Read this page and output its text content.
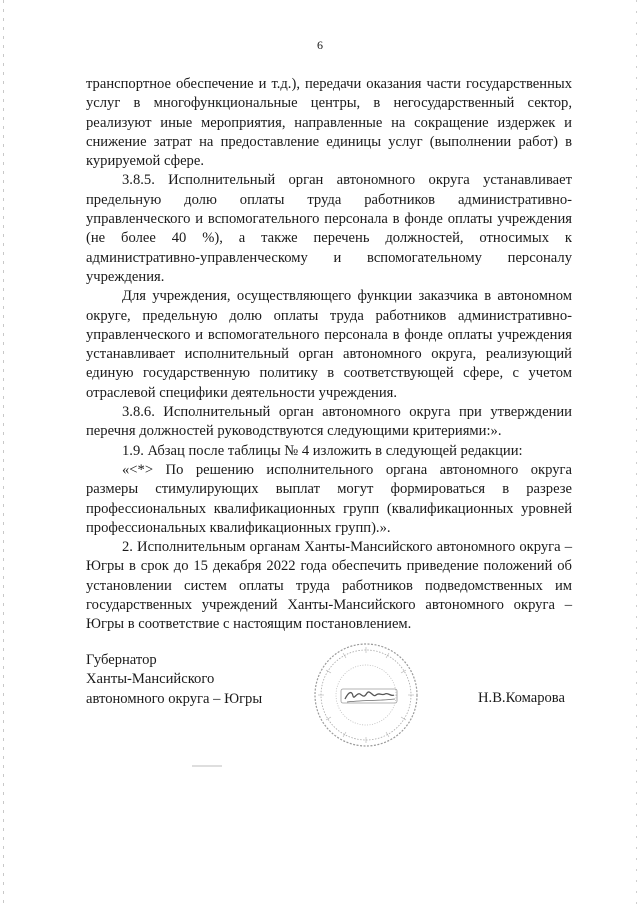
6

транспортное обеспечение и т.д.), передачи оказания части государственных услуг в многофункциональные центры, в негосударственный сектор, реализуют иные мероприятия, направленные на сокращение издержек и снижение затрат на предоставление единицы услуг (выполнении работ) в курируемой сфере.

3.8.5. Исполнительный орган автономного округа устанавливает предельную долю оплаты труда работников административно-управленческого и вспомогательного персонала в фонде оплаты учреждения (не более 40 %), а также перечень должностей, относимых к административно-управленческому и вспомогательному персоналу учреждения.

Для учреждения, осуществляющего функции заказчика в автономном округе, предельную долю оплаты труда работников административно-управленческого и вспомогательного персонала в фонде оплаты учреждения устанавливает исполнительный орган автономного округа, реализующий единую государственную политику в соответствующей сфере, с учетом отраслевой специфики деятельности учреждения.

3.8.6. Исполнительный орган автономного округа при утверждении перечня должностей руководствуются следующими критериями:».

1.9. Абзац после таблицы № 4 изложить в следующей редакции:

«<*> По решению исполнительного органа автономного округа размеры стимулирующих выплат могут формироваться в разрезе профессиональных квалификационных групп (квалификационных уровней профессиональных квалификационных групп).».

2. Исполнительным органам Ханты-Мансийского автономного округа – Югры в срок до 15 декабря 2022 года обеспечить приведение положений об установлении систем оплаты труда работников подведомственных им государственных учреждений Ханты-Мансийского автономного округа – Югры в соответствие с настоящим постановлением.

Губернатор
Ханты-Мансийского
автономного округа – Югры	Н.В.Комарова
